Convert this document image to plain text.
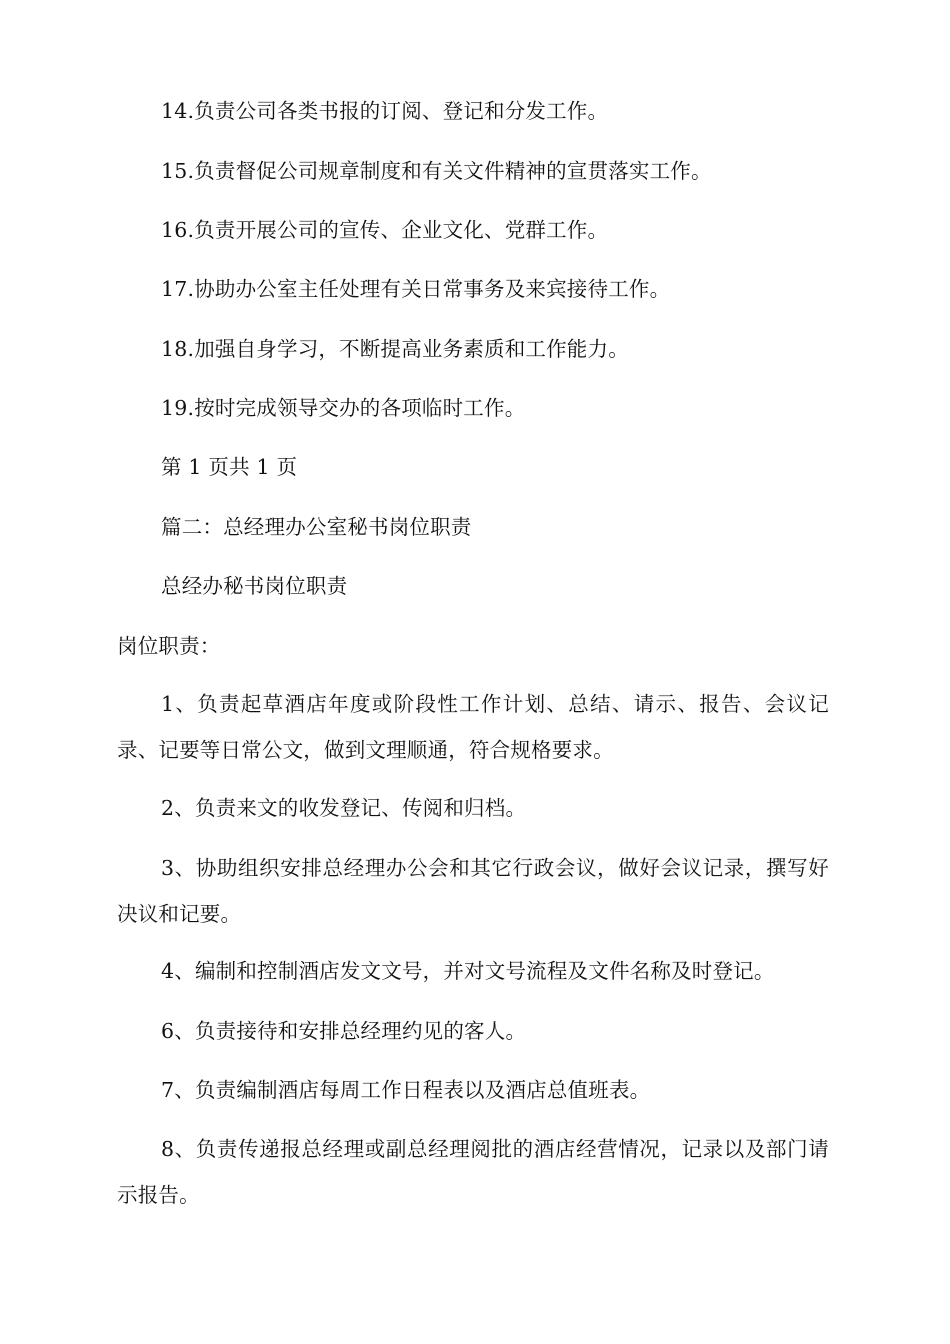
14.负责公司各类书报的订阅、登记和分发工作。
15.负责督促公司规章制度和有关文件精神的宣贯落实工作。
16.负责开展公司的宣传、企业文化、党群工作。
17.协助办公室主任处理有关日常事务及来宾接待工作。
18.加强自身学习，不断提高业务素质和工作能力。
19.按时完成领导交办的各项临时工作。
第 1 页共 1 页
篇二：总经理办公室秘书岗位职责
总经办秘书岗位职责
岗位职责：
1、负责起草酒店年度或阶段性工作计划、总结、请示、报告、会议记录、记要等日常公文，做到文理顺通，符合规格要求。
2、负责来文的收发登记、传阅和归档。
3、协助组织安排总经理办公会和其它行政会议，做好会议记录，撰写好决议和记要。
4、编制和控制酒店发文文号，并对文号流程及文件名称及时登记。
6、负责接待和安排总经理约见的客人。
7、负责编制酒店每周工作日程表以及酒店总值班表。
8、负责传递报总经理或副总经理阅批的酒店经营情况，记录以及部门请示报告。
